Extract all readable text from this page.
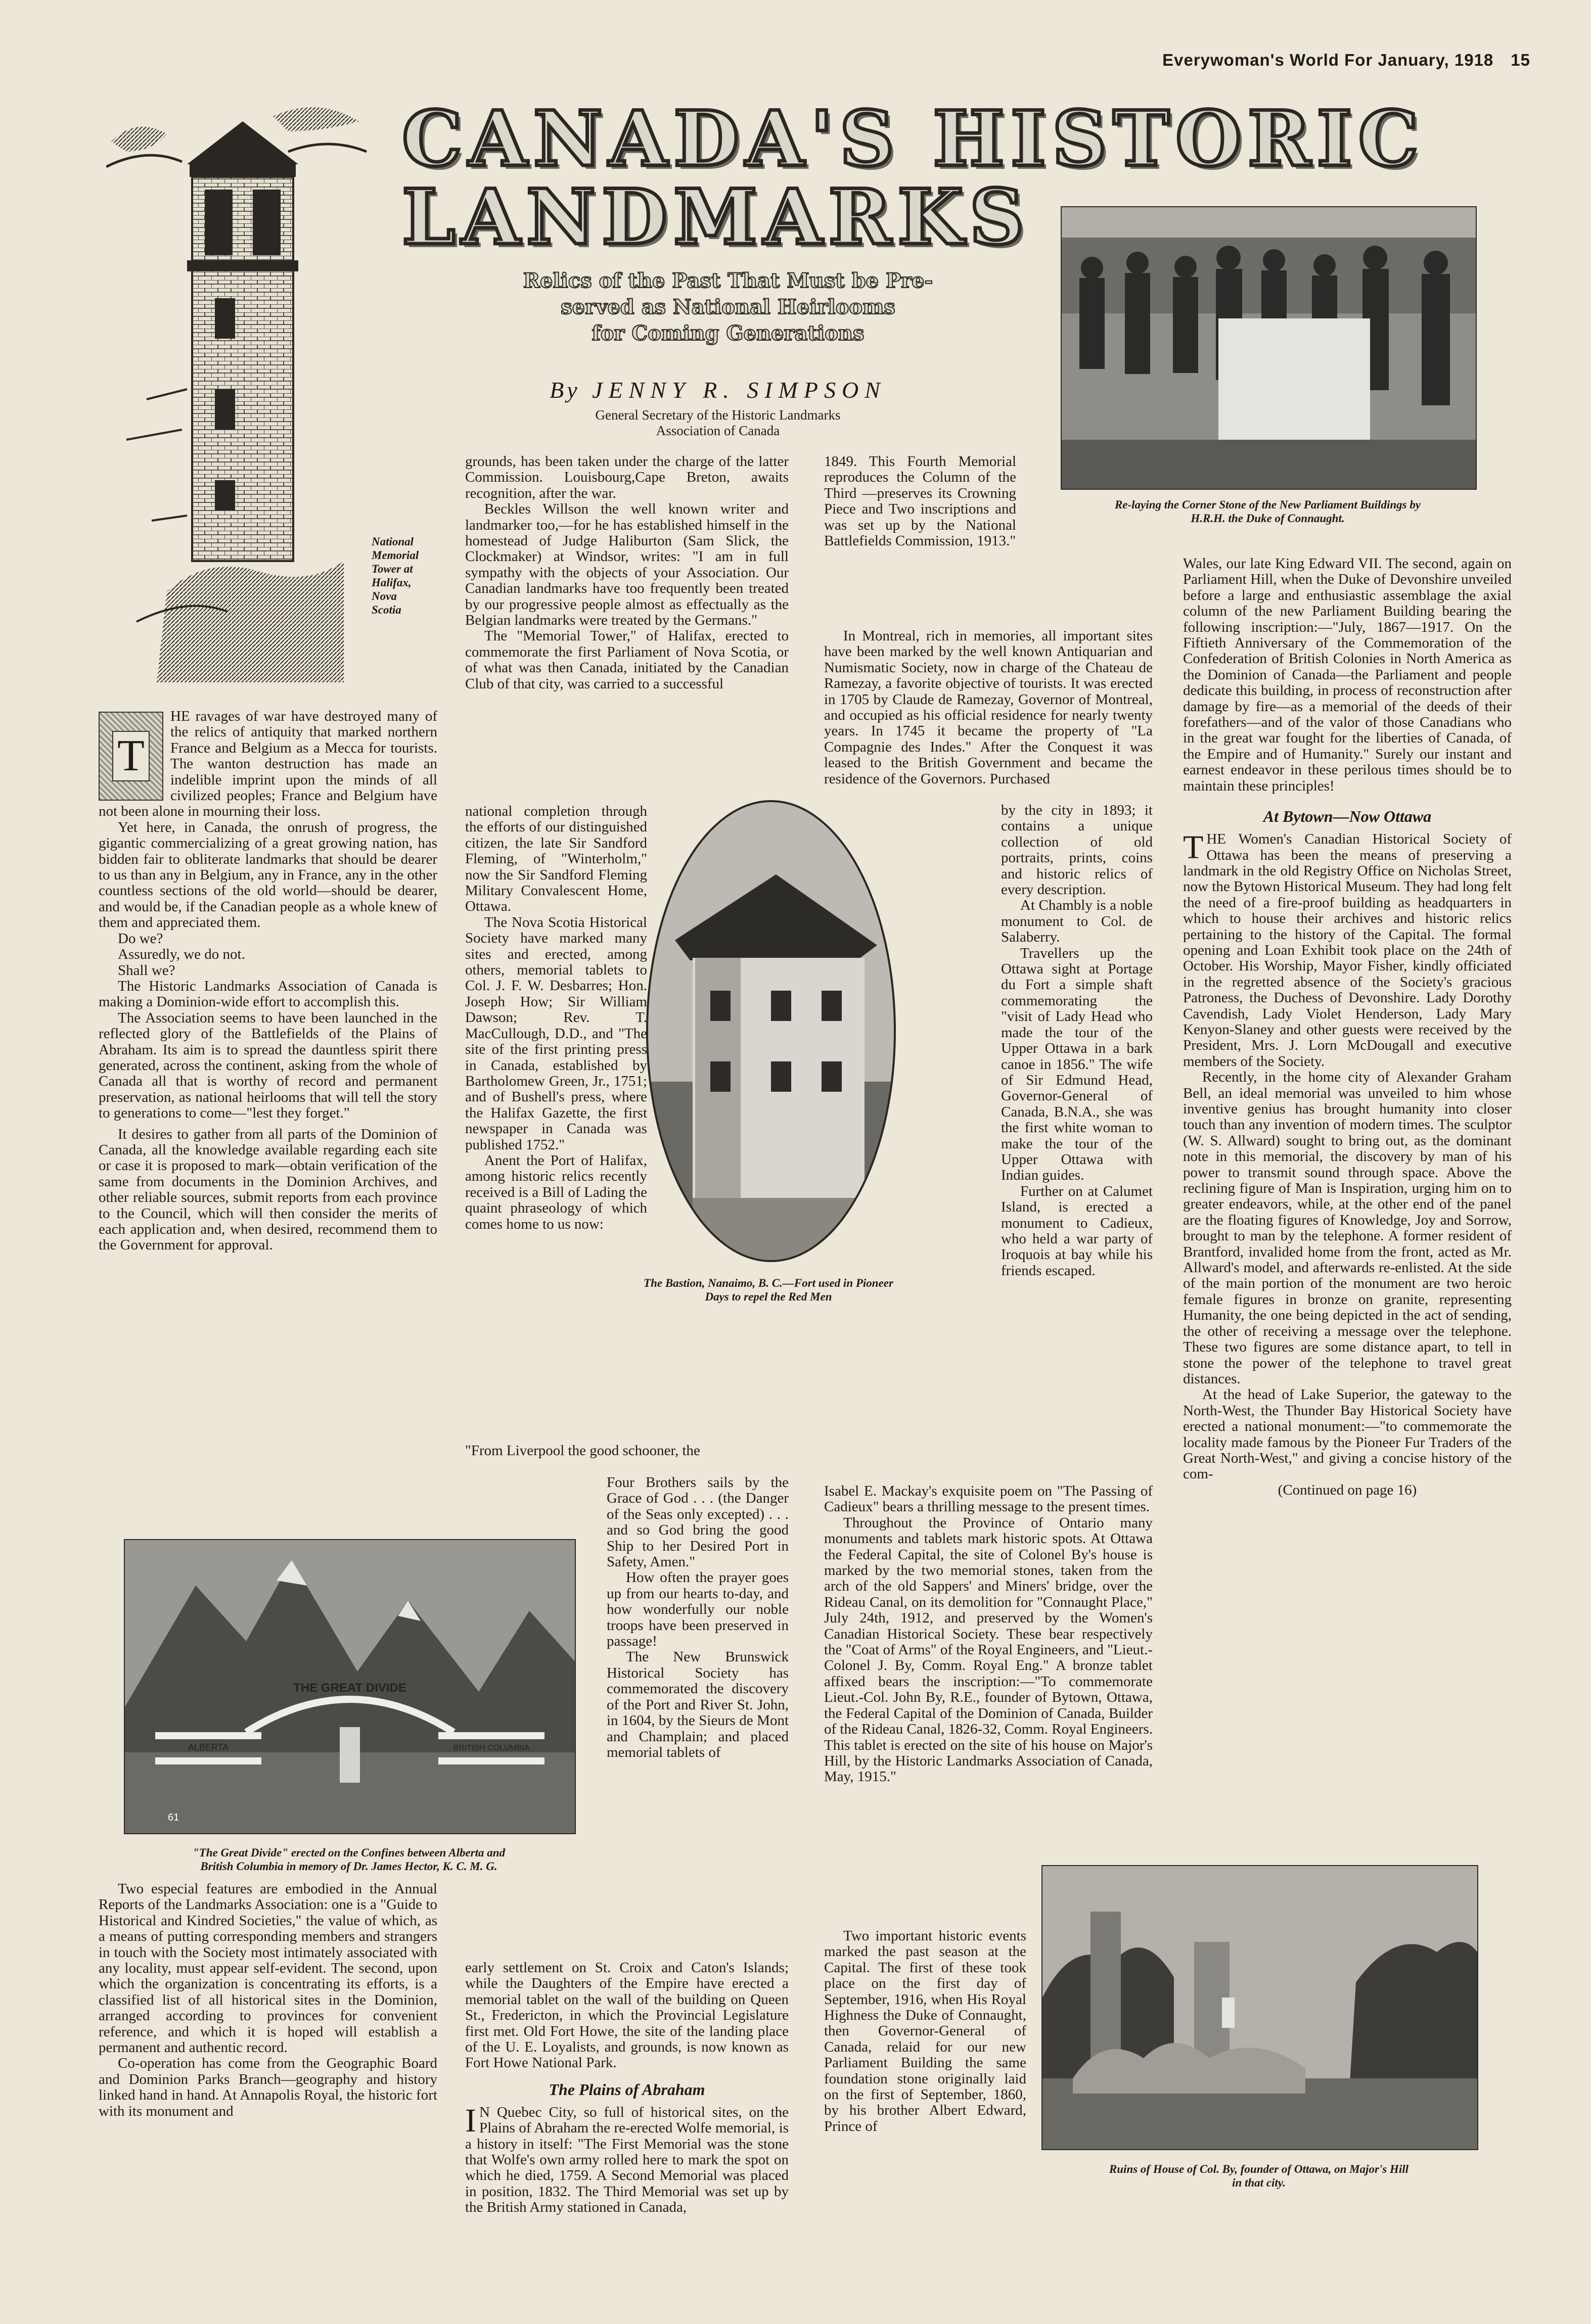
Everywoman's World For January, 1918 15
National
Memorial
Tower at
Halifax,
Nova
Scotia
CANADA'S HISTORIC
LANDMARKS
Relics of the Past That Must be Pre-
served as National Heirlooms
for Coming Generations
By JENNY R. SIMPSON
General Secretary of the Historic Landmarks
Association of Canada
Re-laying the Corner Stone of the New Parliament Buildings by
H.R.H. the Duke of Connaught.
T

HE ravages of war have destroyed many of the relics of antiquity that marked northern France and Belgium as a Mecca for tourists. The wanton destruction has made an indelible imprint upon the minds of all civilized peoples; France and Belgium have not been alone in mourning their loss.

Yet here, in Canada, the onrush of progress, the gigantic commercializing of a great growing nation, has bidden fair to obliterate landmarks that should be dearer to us than any in Belgium, any in France, any in the other countless sections of the old world—should be dearer, and would be, if the Canadian people as a whole knew of them and appreciated them.

Do we?

Assuredly, we do not.

Shall we?

The Historic Landmarks Association of Canada is making a Dominion-wide effort to accomplish this.

The Association seems to have been launched in the reflected glory of the Battlefields of the Plains of Abraham. Its aim is to spread the dauntless spirit there generated, across the continent, asking from the whole of Canada all that is worthy of record and permanent preservation, as national heirlooms that will tell the story to generations to come—"lest they forget."

It desires to gather from all parts of the Dominion of Canada, all the knowledge available regarding each site or case it is proposed to mark—obtain verification of the same from documents in the Dominion Archives, and other reliable sources, submit reports from each province to the Council, which will then consider the merits of each application and, when desired, recommend them to the Government for approval.

grounds, has been taken under the charge of the latter Commission. Louisbourg,Cape Breton, awaits recognition, after the war.

Beckles Willson the well known writer and landmarker too,—for he has established himself in the homestead of Judge Haliburton (Sam Slick, the Clockmaker) at Windsor, writes: "I am in full sympathy with the objects of your Association. Our Canadian landmarks have too frequently been treated by our progressive people almost as effectually as the Belgian landmarks were treated by the Germans."

The "Memorial Tower," of Halifax, erected to commemorate the first Parliament of Nova Scotia, or of what was then Canada, initiated by the Canadian Club of that city, was carried to a successful

national completion through the efforts of our distinguished citizen, the late Sir Sandford Fleming, of "Winterholm," now the Sir Sandford Fleming Military Convalescent Home, Ottawa.

The Nova Scotia Historical Society have marked many sites and erected, among others, memorial tablets to Col. J. F. W. Desbarres; Hon. Joseph How; Sir William Dawson; Rev. T. MacCullough, D.D., and "The site of the first printing press in Canada, established by Bartholomew Green, Jr., 1751; and of Bushell's press, where the Halifax Gazette, the first newspaper in Canada was published 1752."

Anent the Port of Halifax, among historic relics recently received is a Bill of Lading the quaint phraseology of which comes home to us now:

The Bastion, Nanaimo, B. C.—Fort used in Pioneer
Days to repel the Red Men

"From Liverpool the good schooner, the

Four Brothers sails by the Grace of God . . . (the Danger of the Seas only excepted) . . . and so God bring the good Ship to her Desired Port in Safety, Amen."

How often the prayer goes up from our hearts to-day, and how wonderfully our noble troops have been preserved in passage!

The New Brunswick Historical Society has commemorated the discovery of the Port and River St. John, in 1604, by the Sieurs de Mont and Champlain; and placed memorial tablets of

THE GREAT DIVIDE
ALBERTA	BRITISH COLUMBIA
61
"The Great Divide" erected on the Confines between Alberta and
British Columbia in memory of Dr. James Hector, K. C. M. G.

Two especial features are embodied in the Annual Reports of the Landmarks Association: one is a "Guide to Historical and Kindred Societies," the value of which, as a means of putting corresponding members and strangers in touch with the Society most intimately associated with any locality, must appear self-evident. The second, upon which the organization is concentrating its efforts, is a classified list of all historical sites in the Dominion, arranged according to provinces for convenient reference, and which it is hoped will establish a permanent and authentic record.

Co-operation has come from the Geographic Board and Dominion Parks Branch—geography and history linked hand in hand. At Annapolis Royal, the historic fort with its monument and

early settlement on St. Croix and Caton's Islands; while the Daughters of the Empire have erected a memorial tablet on the wall of the building on Queen St., Fredericton, in which the Provincial Legislature first met. Old Fort Howe, the site of the landing place of the U. E. Loyalists, and grounds, is now known as Fort Howe National Park.

The Plains of Abraham

I N Quebec City, so full of historical sites, on the Plains of Abraham the re-erected Wolfe memorial, is a history in itself: "The First Memorial was the stone that Wolfe's own army rolled here to mark the spot on which he died, 1759. A Second Memorial was placed in position, 1832. The Third Memorial was set up by the British Army stationed in Canada,

1849. This Fourth Memorial reproduces the Column of the Third —preserves its Crowning Piece and Two inscriptions and was set up by the National Battlefields Commission, 1913."

In Montreal, rich in memories, all important sites have been marked by the well known Antiquarian and Numismatic Society, now in charge of the Chateau de Ramezay, a favorite objective of tourists. It was erected in 1705 by Claude de Ramezay, Governor of Montreal, and occupied as his official residence for nearly twenty years. In 1745 it became the property of "La Compagnie des Indes." After the Conquest it was leased to the British Government and became the residence of the Governors. Purchased

by the city in 1893; it contains a unique collection of old portraits, prints, coins and historic relics of every description.

At Chambly is a noble monument to Col. de Salaberry.

Travellers up the Ottawa sight at Portage du Fort a simple shaft commemorating the "visit of Lady Head who made the tour of the Upper Ottawa in a bark canoe in 1856." The wife of Sir Edmund Head, Governor-General of Canada, B.N.A., she was the first white woman to make the tour of the Upper Ottawa with Indian guides.

Further on at Calumet Island, is erected a monument to Cadieux, who held a war party of Iroquois at bay while his friends escaped.

Isabel E. Mackay's exquisite poem on "The Passing of Cadieux" bears a thrilling message to the present times.

Throughout the Province of Ontario many monuments and tablets mark historic spots. At Ottawa the Federal Capital, the site of Colonel By's house is marked by the two memorial stones, taken from the arch of the old Sappers' and Miners' bridge, over the Rideau Canal, on its demolition for "Connaught Place," July 24th, 1912, and preserved by the Women's Canadian Historical Society. These bear respectively the "Coat of Arms" of the Royal Engineers, and "Lieut.-Colonel J. By, Comm. Royal Eng." A bronze tablet affixed bears the inscription:—"To commemorate Lieut.-Col. John By, R.E., founder of Bytown, Ottawa, the Federal Capital of the Dominion of Canada, Builder of the Rideau Canal, 1826-32, Comm. Royal Engineers. This tablet is erected on the site of his house on Major's Hill, by the Historic Landmarks Association of Canada, May, 1915."

Two important historic events marked the past season at the Capital. The first of these took place on the first day of September, 1916, when His Royal Highness the Duke of Connaught, then Governor-General of Canada, relaid for our new Parliament Building the same foundation stone originally laid on the first of September, 1860, by his brother Albert Edward, Prince of

Wales, our late King Edward VII. The second, again on Parliament Hill, when the Duke of Devonshire unveiled before a large and enthusiastic assemblage the axial column of the new Parliament Building bearing the following inscription:—"July, 1867—1917. On the Fiftieth Anniversary of the Commemoration of the Confederation of British Colonies in North America as the Dominion of Canada—the Parliament and people dedicate this building, in process of reconstruction after damage by fire—as a memorial of the deeds of their forefathers—and of the valor of those Canadians who in the great war fought for the liberties of Canada, of the Empire and of Humanity." Surely our instant and earnest endeavor in these perilous times should be to maintain these principles!

At Bytown—Now Ottawa

THE Women's Canadian Historical Society of Ottawa has been the means of preserving a landmark in the old Registry Office on Nicholas Street, now the Bytown Historical Museum. They had long felt the need of a fire-proof building as headquarters in which to house their archives and historic relics pertaining to the history of the Capital. The formal opening and Loan Exhibit took place on the 24th of October. His Worship, Mayor Fisher, kindly officiated in the regretted absence of the Society's gracious Patroness, the Duchess of Devonshire. Lady Dorothy Cavendish, Lady Violet Henderson, Lady Mary Kenyon-Slaney and other guests were received by the President, Mrs. J. Lorn McDougall and executive members of the Society.

Recently, in the home city of Alexander Graham Bell, an ideal memorial was unveiled to him whose inventive genius has brought humanity into closer touch than any invention of modern times. The sculptor (W. S. Allward) sought to bring out, as the dominant note in this memorial, the discovery by man of his power to transmit sound through space. Above the reclining figure of Man is Inspiration, urging him on to greater endeavors, while, at the other end of the panel are the floating figures of Knowledge, Joy and Sorrow, brought to man by the telephone. A former resident of Brantford, invalided home from the front, acted as Mr. Allward's model, and afterwards re-enlisted. At the side of the main portion of the monument are two heroic female figures in bronze on granite, representing Humanity, the one being depicted in the act of sending, the other of receiving a message over the telephone. These two figures are some distance apart, to tell in stone the power of the telephone to travel great distances.

At the head of Lake Superior, the gateway to the North-West, the Thunder Bay Historical Society have erected a national monument:—"to commemorate the locality made famous by the Pioneer Fur Traders of the Great North-West," and giving a concise history of the com-

(Continued on page 16)
Ruins of House of Col. By, founder of Ottawa, on Major's Hill
in that city.
